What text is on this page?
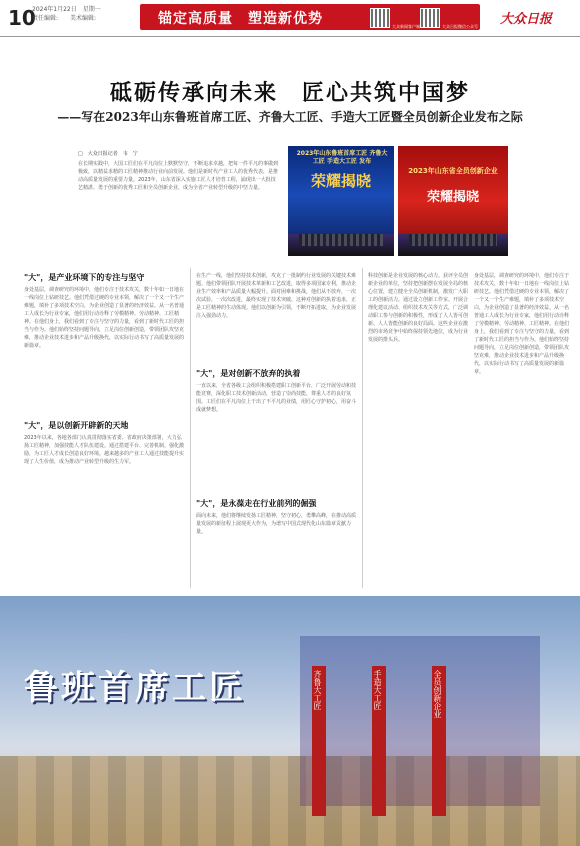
10
2024年1月22日　星期一
责任编辑:　　美术编辑:	锚定高质量　塑造新优势	大众新闻客户端	大众日报微信公众号 大众日报
砥砺传承向未来　匠心共筑中国梦
——写在2023年山东鲁班首席工匠、齐鲁大工匠、手造大工匠暨全员创新企业发布之际
□　大众日报记者　韦　宁
在长期实践中，大国工匠们在平凡岗位上默默坚守，不断追求卓越，把每一件平凡的事做到极致，以精益求精的工匠精神推动行业向前发展。他们是新时代产业工人的优秀代表，是推动高质量发展的重要力量。2023年，山东省深入实施工匠人才培育工程，涌现出一大批技艺精湛、勇于创新的优秀工匠和全员创新企业，成为全省产业转型升级的中坚力量。
2023年山东鲁班首席工匠 齐鲁大工匠 手造大工匠 发布
荣耀揭晓
2023年山东省全员创新企业
荣耀揭晓
"大"，是产业环境下的专注与坚守
身处基层，调查研究的环境中，他们专注于技术攻关，数十年如一日地在一线岗位上钻研技艺。他们凭借过硬的专业本领，解决了一个又一个生产难题，填补了多项技术空白，为企业创造了显著的经济效益。从一名普通工人成长为行业专家，他们用行动诠释了劳模精神、劳动精神、工匠精神。在他们身上，我们看到了专注与坚守的力量，看到了新时代工匠的担当与作为。他们始终坚持问题导向，立足岗位创新创造，带领团队攻坚克难，推动企业技术进步和产品升级换代，以实际行动书写了高质量发展的新篇章。
"大"，是以创新开辟新的天地
2023年以来，各地各部门认真贯彻落实省委、省政府决策部署，大力弘扬工匠精神，加强技能人才队伍建设。通过搭建平台、完善机制、强化激励，为工匠人才成长创造良好环境。越来越多的产业工人通过技能提升实现了人生价值，成为推动产业转型升级的生力军。
在生产一线，他们坚持技术创新，攻克了一批制约行业发展的关键技术难题。他们带领团队开展技术革新和工艺改进，取得多项国家专利，推动企业生产效率和产品质量大幅提升。面对困难和挑战，他们从不放弃，一次次试验，一次次改进，最终实现了技术突破。这种对创新的执着追求，正是工匠精神的生动体现。他们以创新为引领，不断开拓进取，为企业发展注入强劲动力。
"大"，是对创新不放弃的执着
一直以来，全省各级工会组织积极搭建职工创新平台，广泛开展劳动和技能竞赛，深化职工技术创新活动，营造了崇尚技能、尊重人才的良好氛围。工匠们在平凡岗位上干出了不平凡的业绩，用匠心守护初心，用奋斗成就梦想。
"大"，是永葆走在行业前列的倔强
面向未来，他们将继续发扬工匠精神，坚守初心，勇攀高峰，在推动高质量发展的新征程上展现更大作为，为谱写中国式现代化山东篇章贡献力量。
科技创新是企业发展的核心动力。获评全员创新企业的单位，坚持把创新摆在发展全局的核心位置，建立健全全员创新机制，激发广大职工的创新活力。通过设立创新工作室、开展合理化建议活动、组织技术攻关等方式，广泛调动职工参与创新的积极性，形成了人人皆可创新、人人皆能创新的良好局面。这些企业在激烈的市场竞争中始终保持领先地位，成为行业发展的排头兵。
身处基层，调查研究的环境中，他们专注于技术攻关，数十年如一日地在一线岗位上钻研技艺。他们凭借过硬的专业本领，解决了一个又一个生产难题，填补了多项技术空白，为企业创造了显著的经济效益。从一名普通工人成长为行业专家，他们用行动诠释了劳模精神、劳动精神、工匠精神。在他们身上，我们看到了专注与坚守的力量，看到了新时代工匠的担当与作为。他们始终坚持问题导向，立足岗位创新创造，带领团队攻坚克难，推动企业技术进步和产品升级换代，以实际行动书写了高质量发展的新篇章。
齐鲁大工匠	手造大工匠	全员创新企业
鲁班首席工匠
